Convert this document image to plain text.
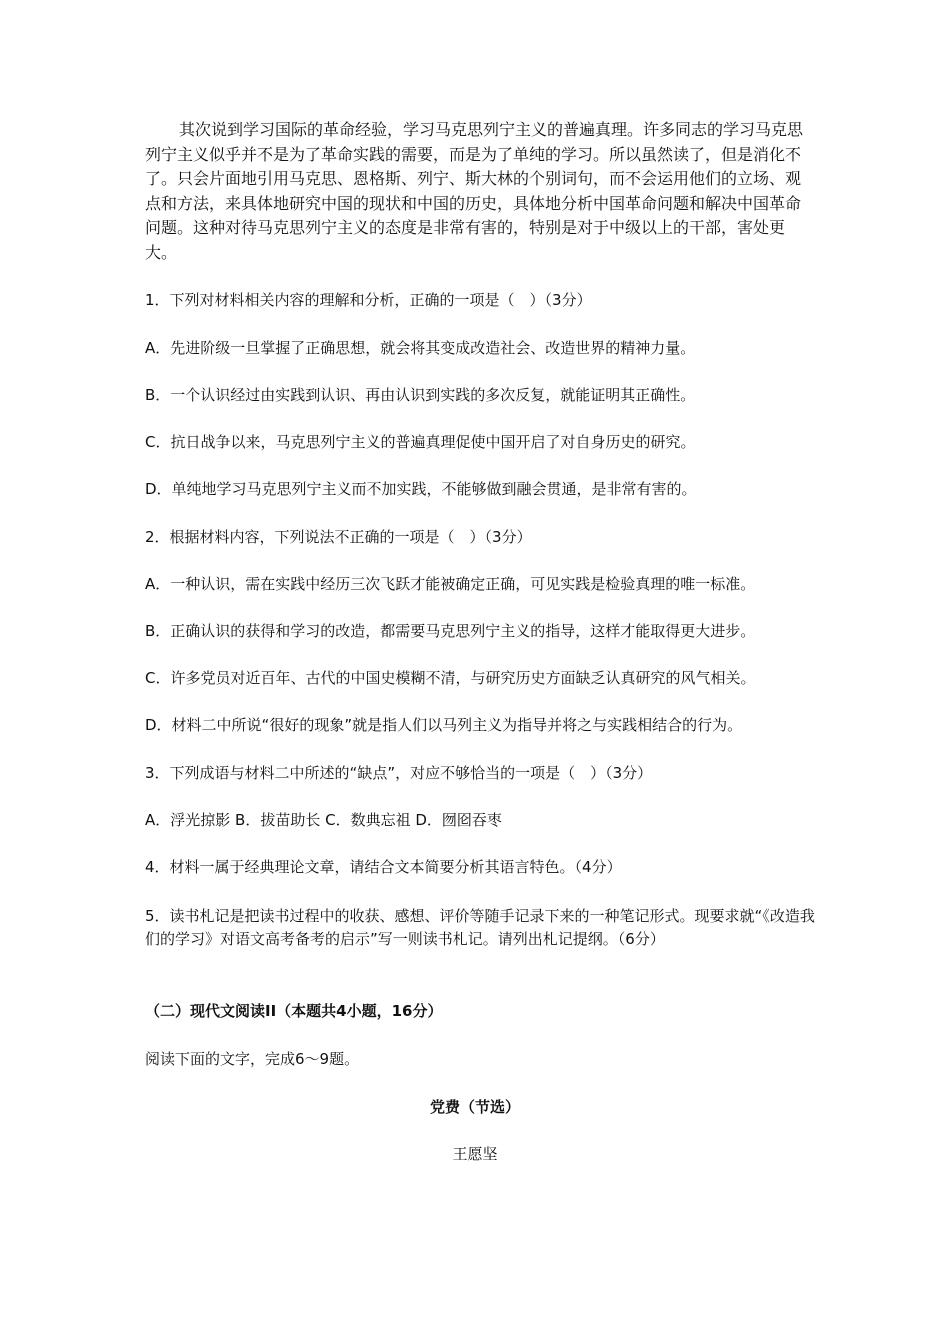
其次说到学习国际的革命经验，学习马克思列宁主义的普遍真理。许多同志的学习马克思列宁主义似乎并不是为了革命实践的需要，而是为了单纯的学习。所以虽然读了，但是消化不了。只会片面地引用马克思、恩格斯、列宁、斯大林的个别词句，而不会运用他们的立场、观点和方法，来具体地研究中国的现状和中国的历史，具体地分析中国革命问题和解决中国革命问题。这种对待马克思列宁主义的态度是非常有害的，特别是对于中级以上的干部，害处更大。
1．下列对材料相关内容的理解和分析，正确的一项是（　）（3分）
A．先进阶级一旦掌握了正确思想，就会将其变成改造社会、改造世界的精神力量。
B．一个认识经过由实践到认识、再由认识到实践的多次反复，就能证明其正确性。
C．抗日战争以来，马克思列宁主义的普遍真理促使中国开启了对自身历史的研究。
D．单纯地学习马克思列宁主义而不加实践，不能够做到融会贯通，是非常有害的。
2．根据材料内容，下列说法不正确的一项是（　）（3分）
A．一种认识，需在实践中经历三次飞跃才能被确定正确，可见实践是检验真理的唯一标准。
B．正确认识的获得和学习的改造，都需要马克思列宁主义的指导，这样才能取得更大进步。
C．许多党员对近百年、古代的中国史模糊不清，与研究历史方面缺乏认真研究的风气相关。
D．材料二中所说“很好的现象”就是指人们以马列主义为指导并将之与实践相结合的行为。
3．下列成语与材料二中所述的“缺点”，对应不够恰当的一项是（　）（3分）
A．浮光掠影 B．拔苗助长 C．数典忘祖 D．囫囵吞枣
4．材料一属于经典理论文章，请结合文本简要分析其语言特色。（4分）
5．读书札记是把读书过程中的收获、感想、评价等随手记录下来的一种笔记形式。现要求就“《改造我们的学习》对语文高考备考的启示”写一则读书札记。请列出札记提纲。（6分）
（二）现代文阅读II（本题共4小题，16分）
阅读下面的文字，完成6～9题。
党费（节选）
王愿坚
